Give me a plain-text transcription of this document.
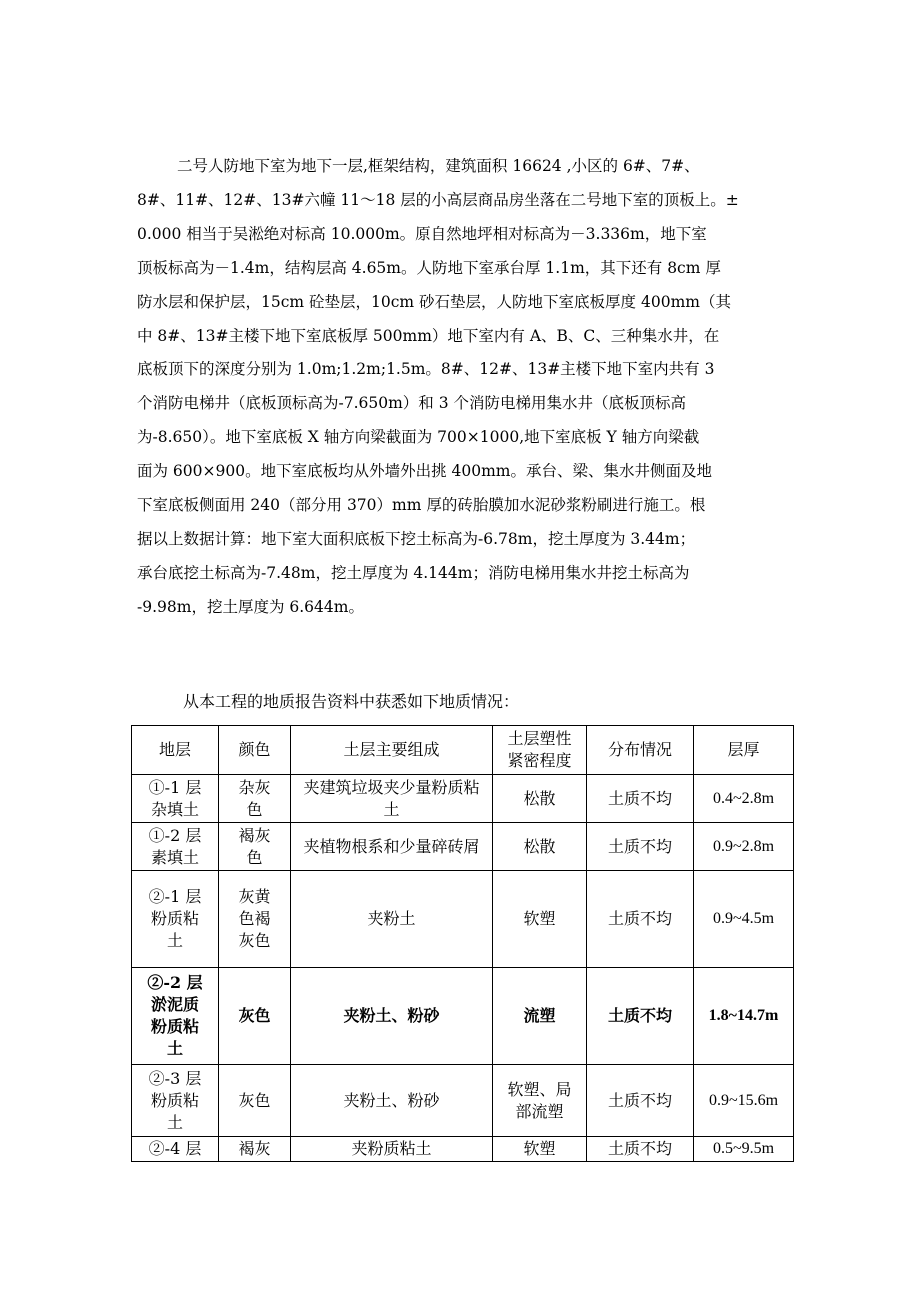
二号人防地下室为地下一层,框架结构，建筑面积 16624 ,小区的 6#、7#、
8#、11#、12#、13#六幢 11～18 层的小高层商品房坐落在二号地下室的顶板上。±
0.000 相当于吴淞绝对标高 10.000m。原自然地坪相对标高为－3.336m，地下室
顶板标高为－1.4m，结构层高 4.65m。人防地下室承台厚 1.1m，其下还有 8cm 厚
防水层和保护层，15cm 砼垫层，10cm 砂石垫层，人防地下室底板厚度 400mm（其
中 8#、13#主楼下地下室底板厚 500mm）地下室内有 A、B、C、三种集水井，在
底板顶下的深度分别为 1.0m;1.2m;1.5m。8#、12#、13#主楼下地下室内共有 3
个消防电梯井（底板顶标高为-7.650m）和 3 个消防电梯用集水井（底板顶标高
为-8.650）。地下室底板 X 轴方向梁截面为 700×1000,地下室底板 Y 轴方向梁截
面为 600×900。地下室底板均从外墙外出挑 400mm。承台、梁、集水井侧面及地
下室底板侧面用 240（部分用 370）mm 厚的砖胎膜加水泥砂浆粉刷进行施工。根
据以上数据计算：地下室大面积底板下挖土标高为-6.78m，挖土厚度为 3.44m；
承台底挖土标高为-7.48m，挖土厚度为 4.144m；消防电梯用集水井挖土标高为
-9.98m，挖土厚度为 6.644m。
从本工程的地质报告资料中获悉如下地质情况：
地层	颜色	土层主要组成	土层塑性紧密程度	分布情况	层厚
①-1 层杂填土	杂灰色	夹建筑垃圾夹少量粉质粘土	松散	土质不均	0.4~2.8m
①-2 层素填土	褐灰色	夹植物根系和少量碎砖屑	松散	土质不均	0.9~2.8m
②-1 层粉质粘土	灰黄色褐灰色	夹粉土	软塑	土质不均	0.9~4.5m
②-2 层淤泥质粉质粘土	灰色	夹粉土、粉砂	流塑	土质不均	1.8~14.7m
②-3 层粉质粘土	灰色	夹粉土、粉砂	软塑、局部流塑	土质不均	0.9~15.6m
②-4 层	褐灰	夹粉质粘土	软塑	土质不均	0.5~9.5m
